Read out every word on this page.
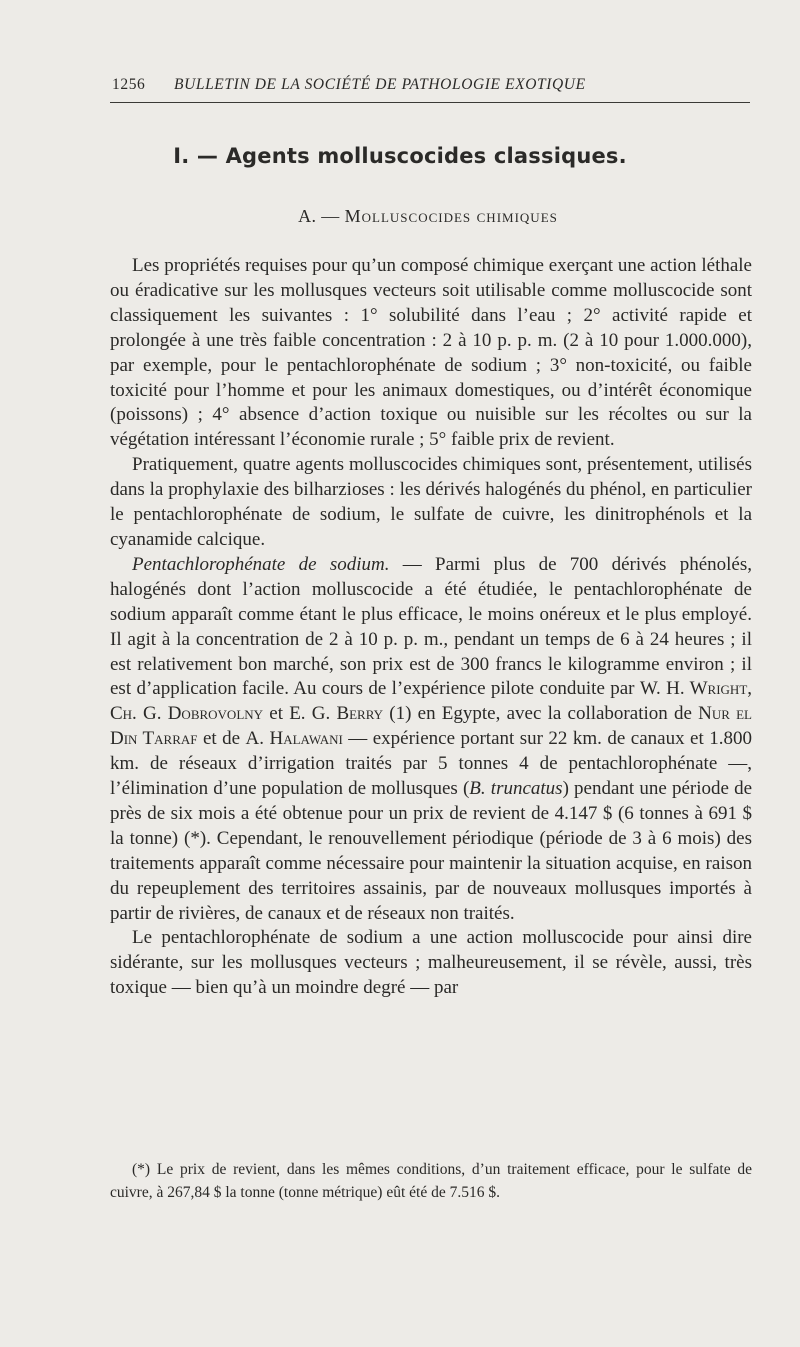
1256 BULLETIN DE LA SOCIÉTÉ DE PATHOLOGIE EXOTIQUE
I. — Agents molluscocides classiques.
A. — Molluscocides chimiques

Les propriétés requises pour qu’un composé chimique exerçant une action léthale ou éradicative sur les mollusques vecteurs soit utilisable comme molluscocide sont classiquement les suivantes : 1° solubilité dans l’eau ; 2° activité rapide et prolongée à une très faible concentration : 2 à 10 p. p. m. (2 à 10 pour 1.000.000), par exemple, pour le pentachlorophénate de sodium ; 3° non-toxicité, ou faible toxicité pour l’homme et pour les animaux domestiques, ou d’intérêt économique (poissons) ; 4° absence d’action toxique ou nuisible sur les récoltes ou sur la végétation intéressant l’économie rurale ; 5° faible prix de revient.

Pratiquement, quatre agents molluscocides chimiques sont, présentement, utilisés dans la prophylaxie des bilharzioses : les dérivés halogénés du phénol, en particulier le pentachlorophénate de sodium, le sulfate de cuivre, les dinitrophénols et la cyanamide calcique.

Pentachlorophénate de sodium. — Parmi plus de 700 dérivés phénolés, halogénés dont l’action molluscocide a été étudiée, le pentachlorophénate de sodium apparaît comme étant le plus efficace, le moins onéreux et le plus employé. Il agit à la concentration de 2 à 10 p. p. m., pendant un temps de 6 à 24 heures ; il est relativement bon marché, son prix est de 300 francs le kilogramme environ ; il est d’application facile. Au cours de l’expérience pilote conduite par W. H. Wright, Ch. G. Dobrovolny et E. G. Berry (1) en Egypte, avec la collaboration de Nur el Din Tarraf et de A. Halawani — expérience portant sur 22 km. de canaux et 1.800 km. de réseaux d’irrigation traités par 5 tonnes 4 de pentachlorophénate —, l’élimination d’une population de mollusques (B. truncatus) pendant une période de près de six mois a été obtenue pour un prix de revient de 4.147 $ (6 tonnes à 691 $ la tonne) (*). Cependant, le renouvellement périodique (période de 3 à 6 mois) des traitements apparaît comme nécessaire pour maintenir la situation acquise, en raison du repeuplement des territoires assainis, par de nouveaux mollusques importés à partir de rivières, de canaux et de réseaux non traités.

Le pentachlorophénate de sodium a une action molluscocide pour ainsi dire sidérante, sur les mollusques vecteurs ; malheureusement, il se révèle, aussi, très toxique — bien qu’à un moindre degré — par

(*) Le prix de revient, dans les mêmes conditions, d’un traitement efficace, pour le sulfate de cuivre, à 267,84 $ la tonne (tonne métrique) eût été de 7.516 $.
